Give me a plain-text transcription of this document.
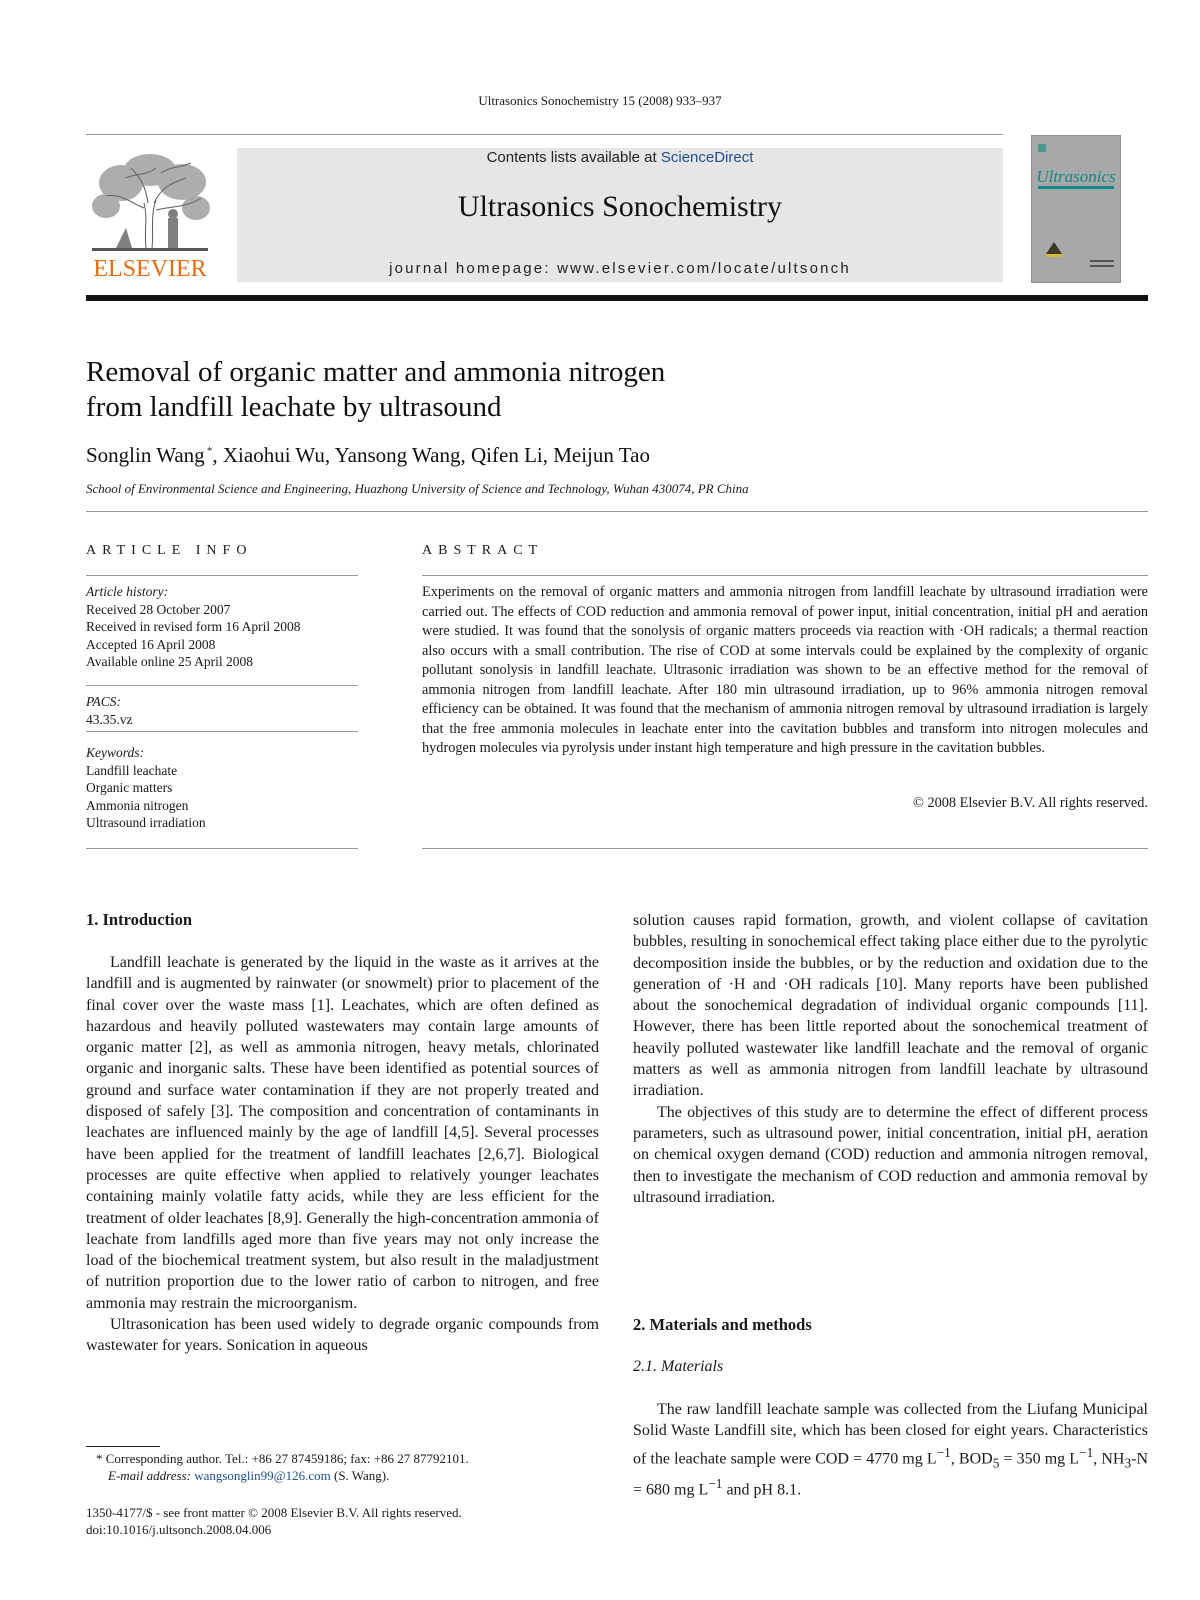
Ultrasonics Sonochemistry 15 (2008) 933–937
ELSEVIER
Contents lists available at ScienceDirect
Ultrasonics Sonochemistry
journal homepage: www.elsevier.com/locate/ultsonch
Ultrasonics
Removal of organic matter and ammonia nitrogen
from landfill leachate by ultrasound
Songlin Wang  *, Xiaohui Wu, Yansong Wang, Qifen Li, Meijun Tao
School of Environmental Science and Engineering, Huazhong University of Science and Technology, Wuhan 430074, PR China
ARTICLE INFO	ABSTRACT
Article history:
Received 28 October 2007
Received in revised form 16 April 2008
Accepted 16 April 2008
Available online 25 April 2008
PACS:
43.35.vz
Keywords:
Landfill leachate
Organic matters
Ammonia nitrogen
Ultrasound irradiation
Experiments on the removal of organic matters and ammonia nitrogen from landfill leachate by ultrasound irradiation were carried out. The effects of COD reduction and ammonia removal of power input, initial concentration, initial pH and aeration were studied. It was found that the sonolysis of organic matters proceeds via reaction with ·OH radicals; a thermal reaction also occurs with a small contribution. The rise of COD at some intervals could be explained by the complexity of organic pollutant sonolysis in landfill leachate. Ultrasonic irradiation was shown to be an effective method for the removal of ammonia nitrogen from landfill leachate. After 180 min ultrasound irradiation, up to 96% ammonia nitrogen removal efficiency can be obtained. It was found that the mechanism of ammonia nitrogen removal by ultrasound irradiation is largely that the free ammonia molecules in leachate enter into the cavitation bubbles and transform into nitrogen molecules and hydrogen molecules via pyrolysis under instant high temperature and high pressure in the cavitation bubbles.
© 2008 Elsevier B.V. All rights reserved.
1. Introduction

Landfill leachate is generated by the liquid in the waste as it arrives at the landfill and is augmented by rainwater (or snowmelt) prior to placement of the final cover over the waste mass [1]. Leachates, which are often defined as hazardous and heavily polluted wastewaters may contain large amounts of organic matter [2], as well as ammonia nitrogen, heavy metals, chlorinated organic and inorganic salts. These have been identified as potential sources of ground and surface water contamination if they are not properly treated and disposed of safely [3]. The composition and concentration of contaminants in leachates are influenced mainly by the age of landfill [4,5]. Several processes have been applied for the treatment of landfill leachates [2,6,7]. Biological processes are quite effective when applied to relatively younger leachates containing mainly volatile fatty acids, while they are less efficient for the treatment of older leachates [8,9]. Generally the high-concentration ammonia of leachate from landfills aged more than five years may not only increase the load of the biochemical treatment system, but also result in the maladjustment of nutrition proportion due to the lower ratio of carbon to nitrogen, and free ammonia may restrain the microorganism.

Ultrasonication has been used widely to degrade organic compounds from wastewater for years. Sonication in aqueous

solution causes rapid formation, growth, and violent collapse of cavitation bubbles, resulting in sonochemical effect taking place either due to the pyrolytic decomposition inside the bubbles, or by the reduction and oxidation due to the generation of ·H and ·OH radicals [10]. Many reports have been published about the sonochemical degradation of individual organic compounds [11]. However, there has been little reported about the sonochemical treatment of heavily polluted wastewater like landfill leachate and the removal of organic matters as well as ammonia nitrogen from landfill leachate by ultrasound irradiation.

The objectives of this study are to determine the effect of different process parameters, such as ultrasound power, initial concentration, initial pH, aeration on chemical oxygen demand (COD) reduction and ammonia nitrogen removal, then to investigate the mechanism of COD reduction and ammonia removal by ultrasound irradiation.

2. Materials and methods
2.1. Materials

The raw landfill leachate sample was collected from the Liufang Municipal Solid Waste Landfill site, which has been closed for eight years. Characteristics of the leachate sample were COD = 4770 mg $L^{-1}$, $BOD_5 = 350$ mg $L^{-1}$, $NH_3-N = 680$ mg $L^{-1}$ and pH 8.1.

* Corresponding author. Tel.: +86 27 87459186; fax: +86 27 87792101.
E-mail address: wangsonglin99@126.com (S. Wang).
1350-4177/$ - see front matter © 2008 Elsevier B.V. All rights reserved.
doi:10.1016/j.ultsonch.2008.04.006
